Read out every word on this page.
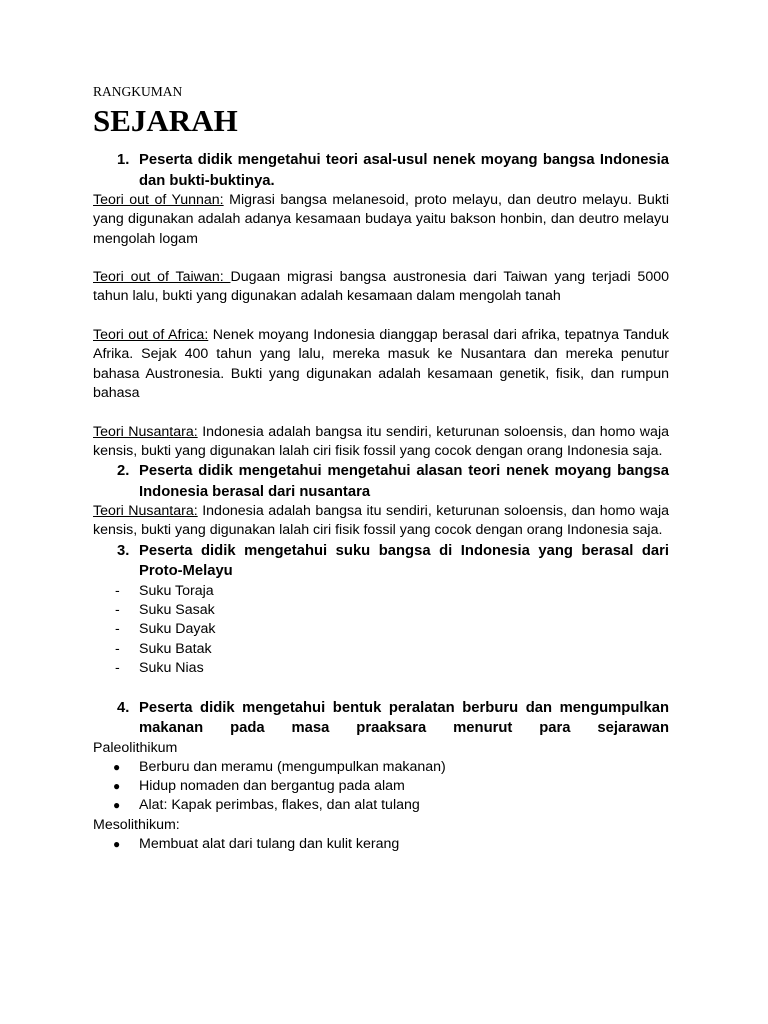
RANGKUMAN

SEJARAH
1. Peserta didik mengetahui teori asal-usul nenek moyang bangsa Indonesia dan bukti-buktinya.

Teori out of Yunnan: Migrasi bangsa melanesoid, proto melayu, dan deutro melayu. Bukti yang digunakan adalah adanya kesamaan budaya yaitu bakson honbin, dan deutro melayu mengolah logam

Teori out of Taiwan: Dugaan migrasi bangsa austronesia dari Taiwan yang terjadi 5000 tahun lalu, bukti yang digunakan adalah kesamaan dalam mengolah tanah

Teori out of Africa: Nenek moyang Indonesia dianggap berasal dari afrika, tepatnya Tanduk Afrika. Sejak 400 tahun yang lalu, mereka masuk ke Nusantara dan mereka penutur bahasa Austronesia. Bukti yang digunakan adalah kesamaan genetik, fisik, dan rumpun bahasa

Teori Nusantara: Indonesia adalah bangsa itu sendiri, keturunan soloensis, dan homo waja kensis, bukti yang digunakan lalah ciri fisik fossil yang cocok dengan orang Indonesia saja.

2. Peserta didik mengetahui mengetahui alasan teori nenek moyang bangsa Indonesia berasal dari nusantara

Teori Nusantara: Indonesia adalah bangsa itu sendiri, keturunan soloensis, dan homo waja kensis, bukti yang digunakan lalah ciri fisik fossil yang cocok dengan orang Indonesia saja.

3. Peserta didik mengetahui suku bangsa di Indonesia yang berasal dari Proto-Melayu
-	Suku Toraja
-	Suku Sasak
-	Suku Dayak
-	Suku Batak
-	Suku Nias
4. Peserta didik mengetahui bentuk peralatan berburu dan mengumpulkan makanan pada masa praaksara menurut para sejarawan

Paleolithikum

●	Berburu dan meramu (mengumpulkan makanan)
●	Hidup nomaden dan bergantug pada alam
●	Alat: Kapak perimbas, flakes, dan alat tulang

Mesolithikum:

●	Membuat alat dari tulang dan kulit kerang
